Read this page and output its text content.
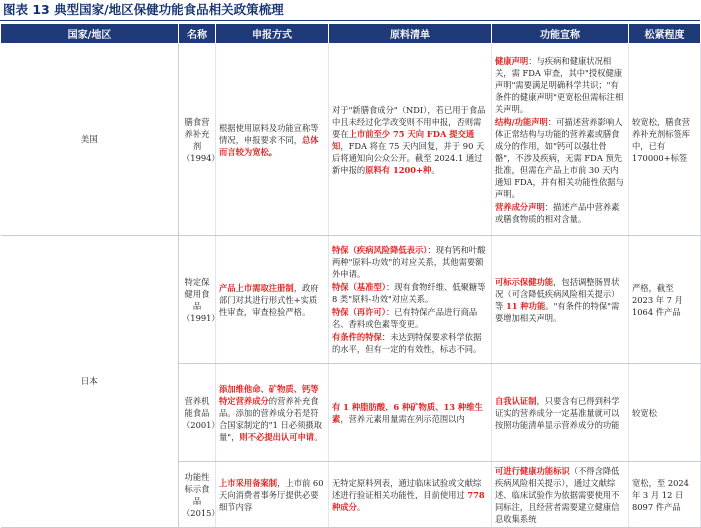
图表 13 典型国家/地区保健功能食品相关政策梳理
国家/地区	名称	申报方式	原料清单	功能宣称	松紧程度
美国	膳食营养补充剂（1994）	根据使用原料及功能宣称等情况，申报要求不同，总体而言较为宽松。	对于"新膳食成分"（NDI），若已用于食品中且未经过化学改变则不用申报，否则需要在上市前至少 75 天向 FDA 提交通知，FDA 将在 75 天内回复，并于 90 天后将通知向公众公开。截至 2024.1 通过新申报的原料有 1200+种。	健康声明：与疾病和健康状况相关，需 FDA 审查，其中"授权健康声明"需要满足明确科学共识；"有条件的健康声明"更宽松但需标注相关声明。
结构/功能声明：可描述营养影响人体正常结构与功能的营养素或膳食成分的作用，如"钙可以强壮骨骼"，不涉及疾病，无需 FDA 预先批准，但需在产品上市前 30 天内通知 FDA，并有相关功能性依据与声明。
营养成分声明：描述产品中营养素或膳食物质的相对含量。	较宽松，膳食营养补充剂标签库中，已有 170000+标签
日本	特定保健用食品（1991）	产品上市需取注册制，政府部门对其进行形式性+实质性审查，审查检验严格。	特保（疾病风险降低表示）：现有钙和叶酸两种"原料-功效"的对应关系，其他需要额外申请。
特保（基准型）：现有食物纤维、低聚糖等 8 类"原料-功效"对应关系。
特保（再许可）：已有特保产品进行商品名、香料或色素等变更。
有条件的特保：未达到特保要求科学依据的水平，但有一定的有效性，标志不同。	可标示保健功能，包括调整肠胃状况（可含降低疾病风险相关提示）等 11 种功能。"有条件的特保"需要增加相关声明。	严格，截至 2023 年 7 月 1064 件产品
	营养机能食品（2001）	添加维他命、矿物质、钙等特定营养成分的营养补充食品。添加的营养成分若是符合国家制定的"1 日必须摄取量"，则不必提出认可申请。	有 1 种脂肪酸、6 种矿物质、13 种维生素，营养元素用量需在列示范围以内	自我认证制，只要含有已得到科学证实的营养成分一定基准量就可以按照功能清单显示营养成分的功能	较宽松
	功能性标示食品（2015）	上市采用备案制，上市前 60 天向消费者事务厅提供必要细节内容	无特定原料列表，通过临床试验或文献综述进行验证相关功能性，目前使用过 778 种成分。	可进行健康功能标识（不得含降低疾病风险相关提示），通过文献综述、临床试验作为依据需要使用不同标注，且经营者需要建立健康信息收集系统	宽松，至 2024 年 3 月 12 日 8097 件产品
